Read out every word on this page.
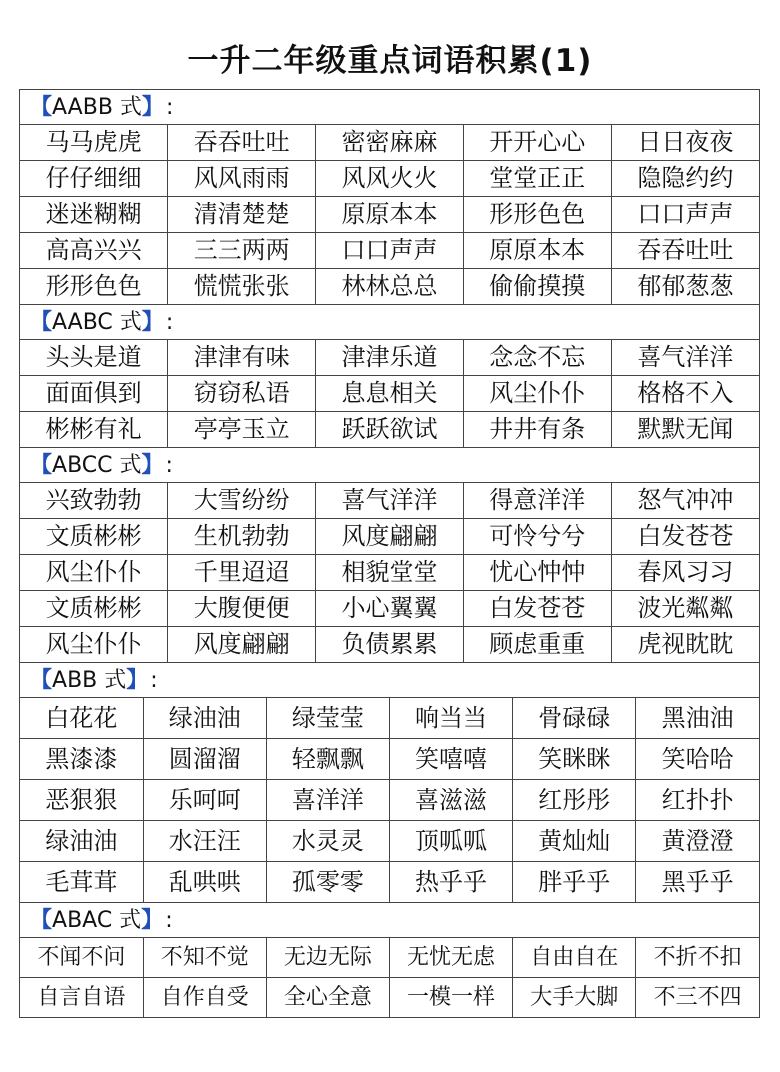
一升二年级重点词语积累(1)
【AABB 式】:
马马虎虎	吞吞吐吐	密密麻麻	开开心心	日日夜夜
仔仔细细	风风雨雨	风风火火	堂堂正正	隐隐约约
迷迷糊糊	清清楚楚	原原本本	形形色色	口口声声
高高兴兴	三三两两	口口声声	原原本本	吞吞吐吐
形形色色	慌慌张张	林林总总	偷偷摸摸	郁郁葱葱
【AABC 式】:
头头是道	津津有味	津津乐道	念念不忘	喜气洋洋
面面俱到	窃窃私语	息息相关	风尘仆仆	格格不入
彬彬有礼	亭亭玉立	跃跃欲试	井井有条	默默无闻
【ABCC 式】:
兴致勃勃	大雪纷纷	喜气洋洋	得意洋洋	怒气冲冲
文质彬彬	生机勃勃	风度翩翩	可怜兮兮	白发苍苍
风尘仆仆	千里迢迢	相貌堂堂	忧心忡忡	春风习习
文质彬彬	大腹便便	小心翼翼	白发苍苍	波光粼粼
风尘仆仆	风度翩翩	负债累累	顾虑重重	虎视眈眈
【ABB 式】:
白花花	绿油油	绿莹莹	响当当	骨碌碌	黑油油
黑漆漆	圆溜溜	轻飘飘	笑嘻嘻	笑眯眯	笑哈哈
恶狠狠	乐呵呵	喜洋洋	喜滋滋	红彤彤	红扑扑
绿油油	水汪汪	水灵灵	顶呱呱	黄灿灿	黄澄澄
毛茸茸	乱哄哄	孤零零	热乎乎	胖乎乎	黑乎乎
【ABAC 式】:
不闻不问	不知不觉	无边无际	无忧无虑	自由自在	不折不扣
自言自语	自作自受	全心全意	一模一样	大手大脚	不三不四
